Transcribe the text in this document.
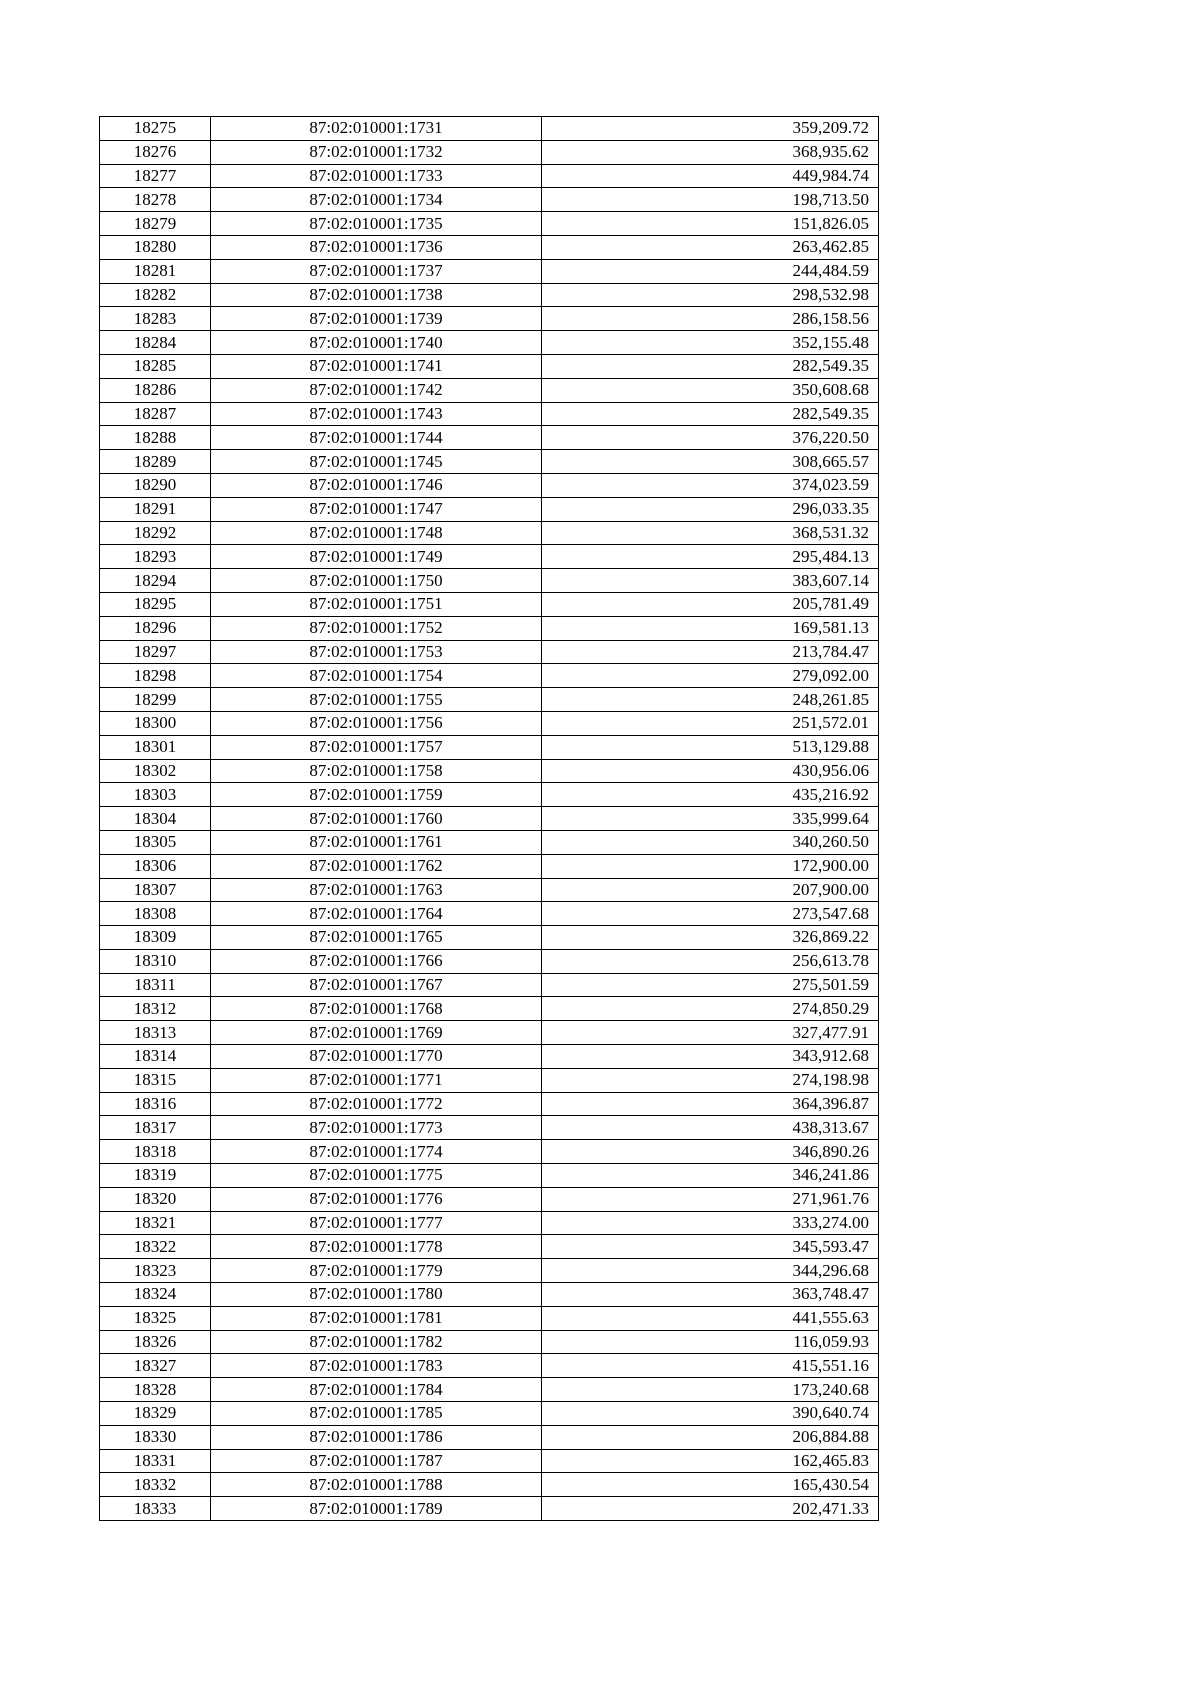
18275	87:02:010001:1731	359,209.72
18276	87:02:010001:1732	368,935.62
18277	87:02:010001:1733	449,984.74
18278	87:02:010001:1734	198,713.50
18279	87:02:010001:1735	151,826.05
18280	87:02:010001:1736	263,462.85
18281	87:02:010001:1737	244,484.59
18282	87:02:010001:1738	298,532.98
18283	87:02:010001:1739	286,158.56
18284	87:02:010001:1740	352,155.48
18285	87:02:010001:1741	282,549.35
18286	87:02:010001:1742	350,608.68
18287	87:02:010001:1743	282,549.35
18288	87:02:010001:1744	376,220.50
18289	87:02:010001:1745	308,665.57
18290	87:02:010001:1746	374,023.59
18291	87:02:010001:1747	296,033.35
18292	87:02:010001:1748	368,531.32
18293	87:02:010001:1749	295,484.13
18294	87:02:010001:1750	383,607.14
18295	87:02:010001:1751	205,781.49
18296	87:02:010001:1752	169,581.13
18297	87:02:010001:1753	213,784.47
18298	87:02:010001:1754	279,092.00
18299	87:02:010001:1755	248,261.85
18300	87:02:010001:1756	251,572.01
18301	87:02:010001:1757	513,129.88
18302	87:02:010001:1758	430,956.06
18303	87:02:010001:1759	435,216.92
18304	87:02:010001:1760	335,999.64
18305	87:02:010001:1761	340,260.50
18306	87:02:010001:1762	172,900.00
18307	87:02:010001:1763	207,900.00
18308	87:02:010001:1764	273,547.68
18309	87:02:010001:1765	326,869.22
18310	87:02:010001:1766	256,613.78
18311	87:02:010001:1767	275,501.59
18312	87:02:010001:1768	274,850.29
18313	87:02:010001:1769	327,477.91
18314	87:02:010001:1770	343,912.68
18315	87:02:010001:1771	274,198.98
18316	87:02:010001:1772	364,396.87
18317	87:02:010001:1773	438,313.67
18318	87:02:010001:1774	346,890.26
18319	87:02:010001:1775	346,241.86
18320	87:02:010001:1776	271,961.76
18321	87:02:010001:1777	333,274.00
18322	87:02:010001:1778	345,593.47
18323	87:02:010001:1779	344,296.68
18324	87:02:010001:1780	363,748.47
18325	87:02:010001:1781	441,555.63
18326	87:02:010001:1782	116,059.93
18327	87:02:010001:1783	415,551.16
18328	87:02:010001:1784	173,240.68
18329	87:02:010001:1785	390,640.74
18330	87:02:010001:1786	206,884.88
18331	87:02:010001:1787	162,465.83
18332	87:02:010001:1788	165,430.54
18333	87:02:010001:1789	202,471.33
